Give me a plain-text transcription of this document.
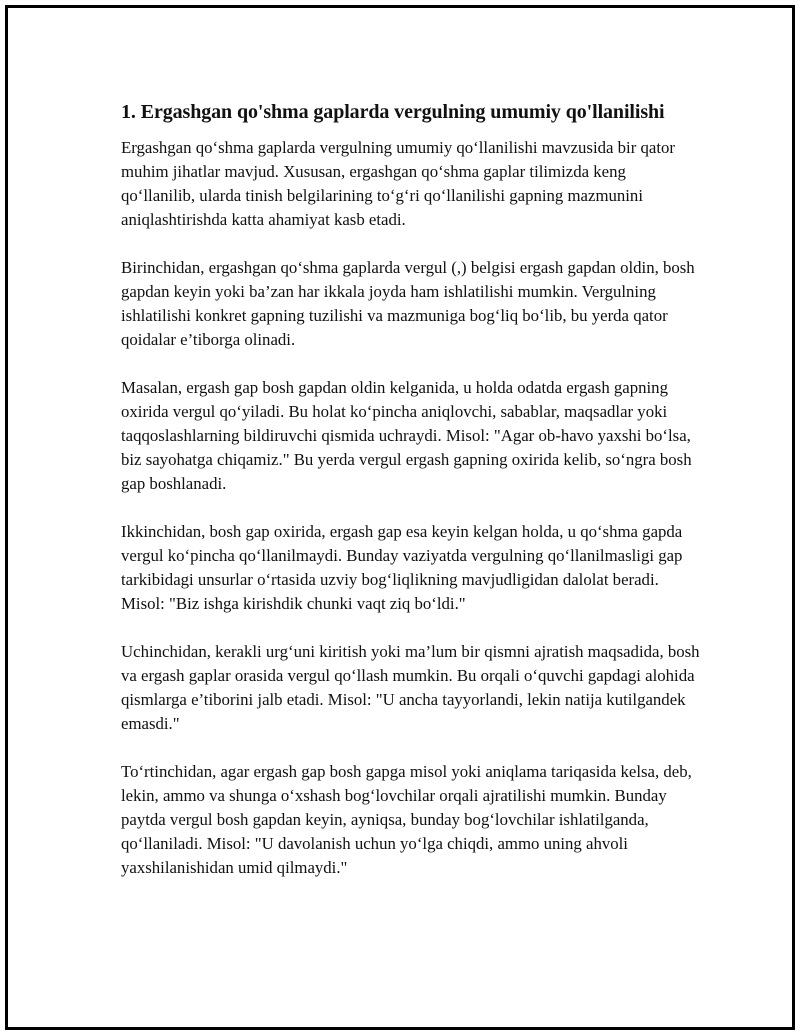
1. Ergashgan qo'shma gaplarda vergulning umumiy qo'llanilishi

Ergashgan qo‘shma gaplarda vergulning umumiy qo‘llanilishi mavzusida bir qator muhim jihatlar mavjud. Xususan, ergashgan qo‘shma gaplar tilimizda keng qo‘llanilib, ularda tinish belgilarining to‘g‘ri qo‘llanilishi gapning mazmunini aniqlashtirishda katta ahamiyat kasb etadi.

Birinchidan, ergashgan qo‘shma gaplarda vergul (,) belgisi ergash gapdan oldin, bosh gapdan keyin yoki ba’zan har ikkala joyda ham ishlatilishi mumkin. Vergulning ishlatilishi konkret gapning tuzilishi va mazmuniga bog‘liq bo‘lib, bu yerda qator qoidalar e’tiborga olinadi.

Masalan, ergash gap bosh gapdan oldin kelganida, u holda odatda ergash gapning oxirida vergul qo‘yiladi. Bu holat ko‘pincha aniqlovchi, sabablar, maqsadlar yoki taqqoslashlarning bildiruvchi qismida uchraydi. Misol: "Agar ob-havo yaxshi bo‘lsa, biz sayohatga chiqamiz." Bu yerda vergul ergash gapning oxirida kelib, so‘ngra bosh gap boshlanadi.

Ikkinchidan, bosh gap oxirida, ergash gap esa keyin kelgan holda, u qo‘shma gapda vergul ko‘pincha qo‘llanilmaydi. Bunday vaziyatda vergulning qo‘llanilmasligi gap tarkibidagi unsurlar o‘rtasida uzviy bog‘liqlikning mavjudligidan dalolat beradi. Misol: "Biz ishga kirishdik chunki vaqt ziq bo‘ldi."

Uchinchidan, kerakli urg‘uni kiritish yoki ma’lum bir qismni ajratish maqsadida, bosh va ergash gaplar orasida vergul qo‘llash mumkin. Bu orqali o‘quvchi gapdagi alohida qismlarga e’tiborini jalb etadi. Misol: "U ancha tayyorlandi, lekin natija kutilgandek emasdi."

To‘rtinchidan, agar ergash gap bosh gapga misol yoki aniqlama tariqasida kelsa, deb, lekin, ammo va shunga o‘xshash bog‘lovchilar orqali ajratilishi mumkin. Bunday paytda vergul bosh gapdan keyin, ayniqsa, bunday bog‘lovchilar ishlatilganda, qo‘llaniladi. Misol: "U davolanish uchun yo‘lga chiqdi, ammo uning ahvoli yaxshilanishidan umid qilmaydi."
